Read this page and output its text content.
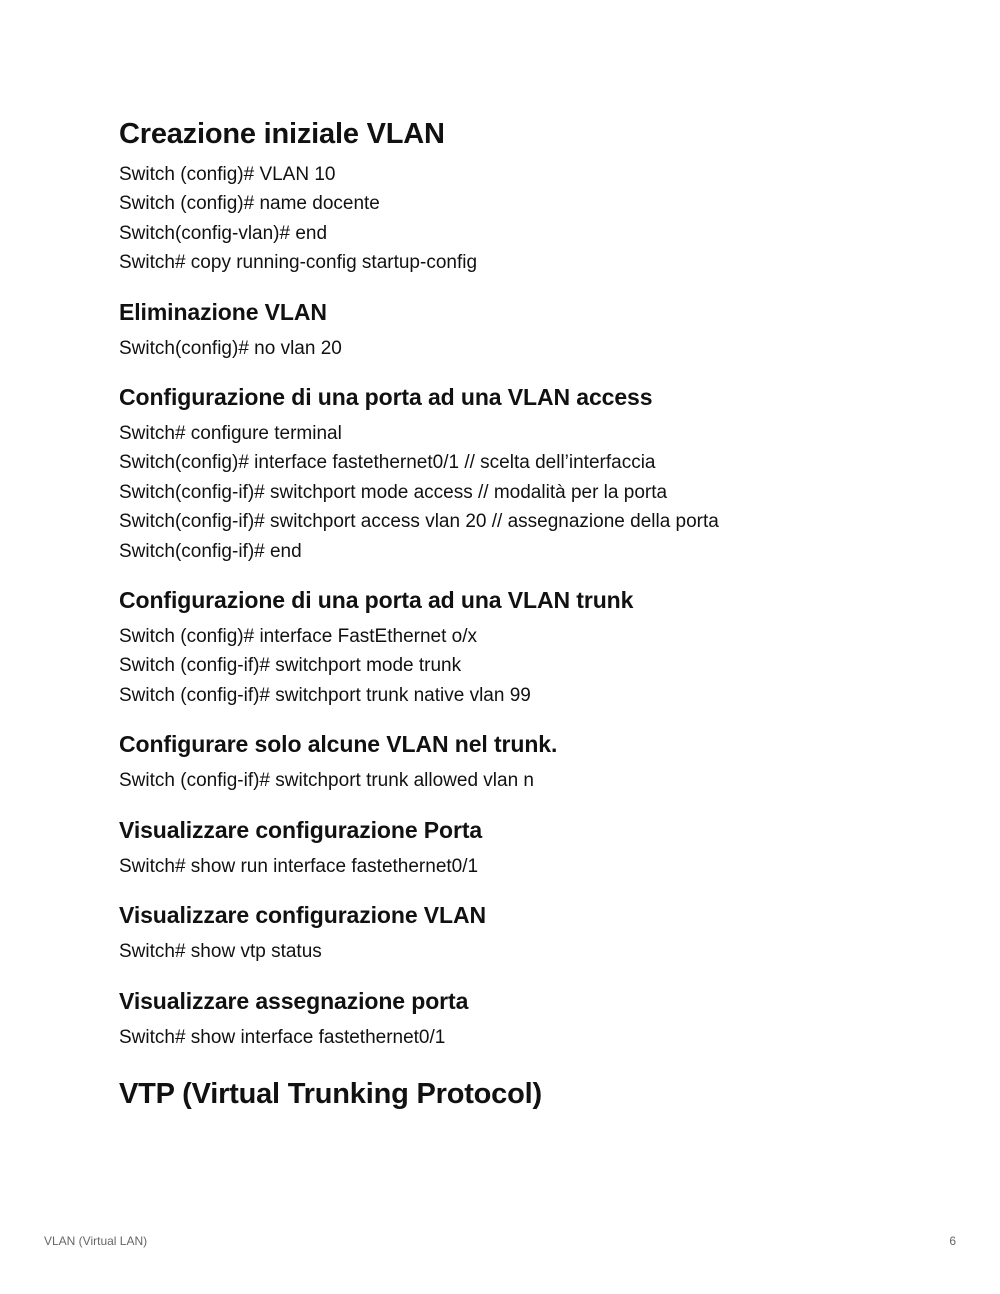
Creazione iniziale VLAN
Switch (config)# VLAN 10
Switch (config)# name docente
Switch(config-vlan)# end
Switch# copy running-config startup-config
Eliminazione VLAN
Switch(config)# no vlan 20
Configurazione di una porta ad una VLAN access
Switch# configure terminal
Switch(config)# interface fastethernet0/1 // scelta dell’interfaccia
Switch(config-if)# switchport mode access // modalità per la porta
Switch(config-if)# switchport access vlan 20 // assegnazione della porta
Switch(config-if)# end
Configurazione di una porta ad una VLAN trunk
Switch (config)# interface FastEthernet o/x
Switch (config-if)# switchport mode trunk
Switch (config-if)# switchport trunk native vlan 99
Configurare solo alcune VLAN nel trunk.
Switch (config-if)# switchport trunk allowed vlan n
Visualizzare configurazione Porta
Switch# show run interface fastethernet0/1
Visualizzare configurazione VLAN
Switch# show vtp status
Visualizzare assegnazione porta
Switch# show interface fastethernet0/1
VTP (Virtual Trunking Protocol)
VLAN (Virtual LAN)	6
